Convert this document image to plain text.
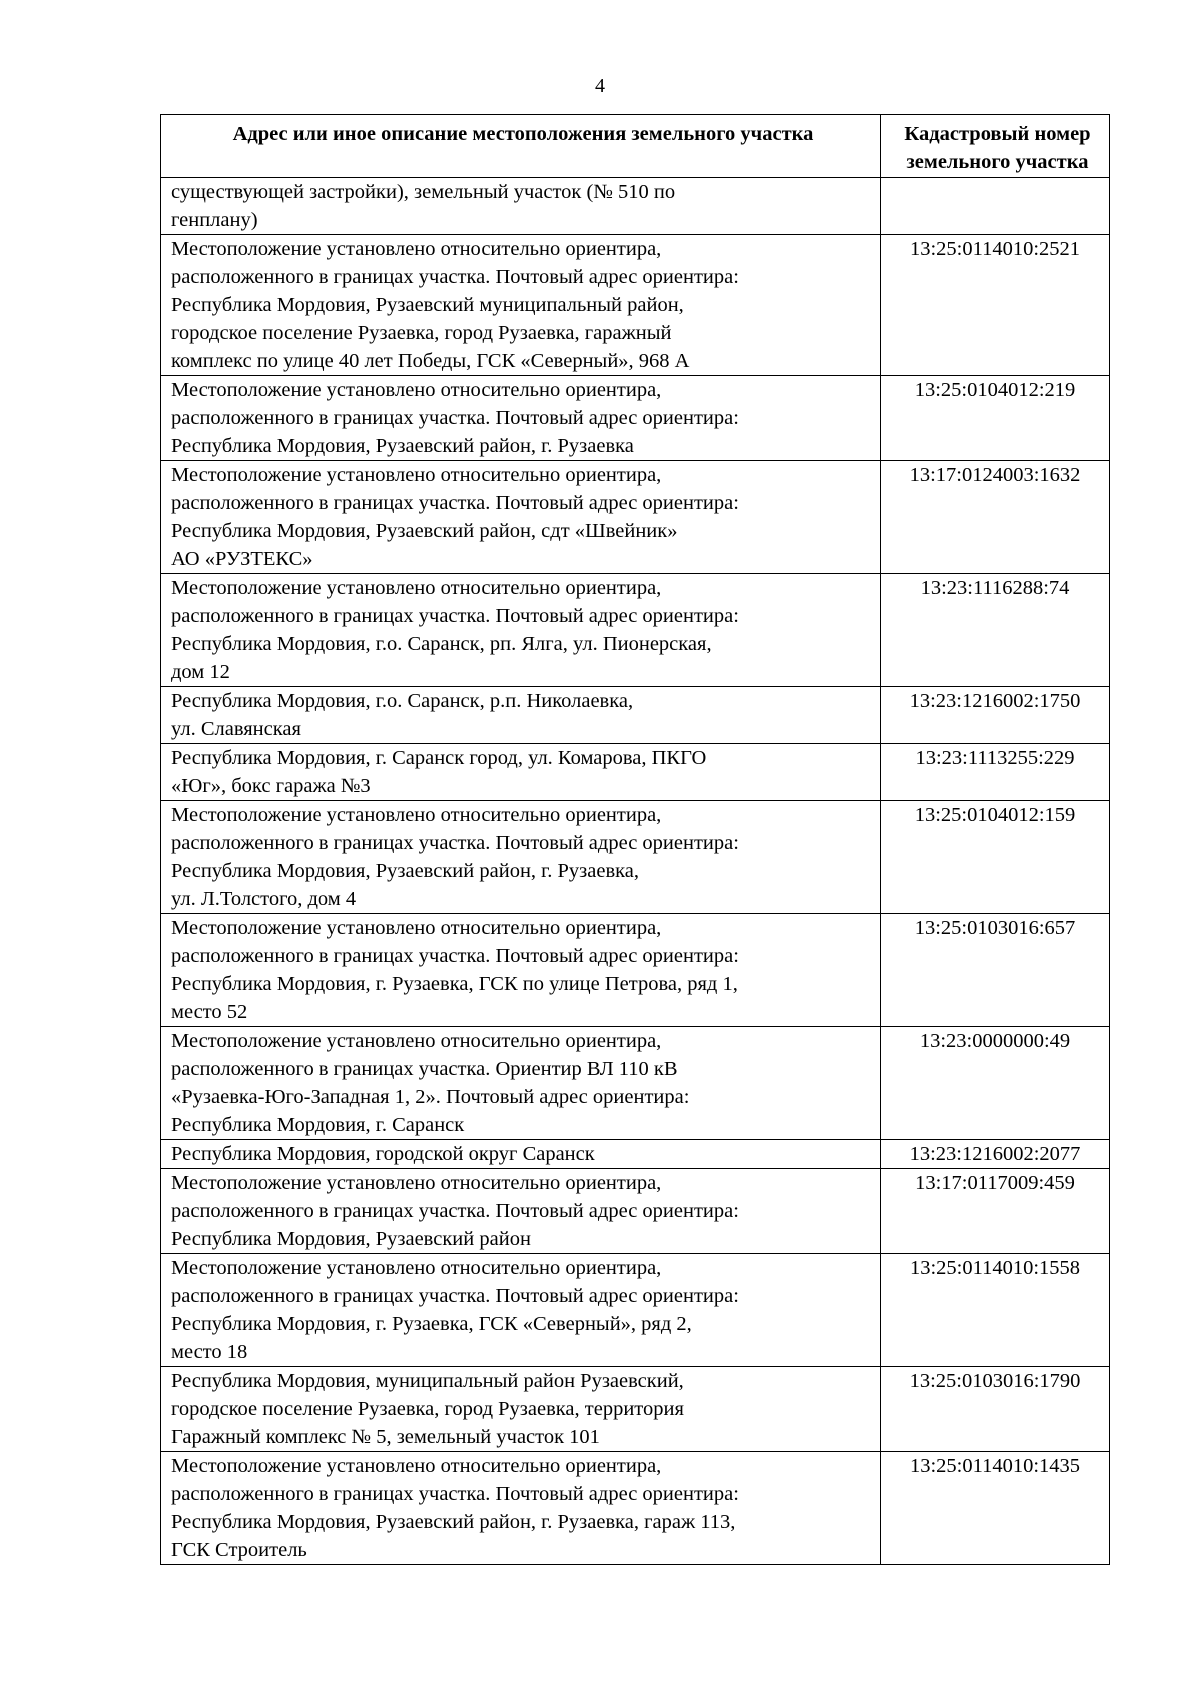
4
Адрес или иное описание местоположения земельного участка	Кадастровый номер земельного участка
существующей застройки), земельный участок (№ 510 по
генплану)	
Местоположение установлено относительно ориентира,
расположенного в границах участка. Почтовый адрес ориентира:
Республика Мордовия, Рузаевский муниципальный район,
городское поселение Рузаевка, город Рузаевка, гаражный
комплекс по улице 40 лет Победы, ГСК «Северный», 968 А	13:25:0114010:2521
Местоположение установлено относительно ориентира,
расположенного в границах участка. Почтовый адрес ориентира:
Республика Мордовия, Рузаевский район, г. Рузаевка	13:25:0104012:219
Местоположение установлено относительно ориентира,
расположенного в границах участка. Почтовый адрес ориентира:
Республика Мордовия, Рузаевский район, сдт «Швейник»
АО «РУЗТЕКС»	13:17:0124003:1632
Местоположение установлено относительно ориентира,
расположенного в границах участка. Почтовый адрес ориентира:
Республика Мордовия, г.о. Саранск, рп. Ялга, ул. Пионерская,
дом 12	13:23:1116288:74
Республика Мордовия, г.о. Саранск, р.п. Николаевка,
ул. Славянская	13:23:1216002:1750
Республика Мордовия, г. Саранск город, ул. Комарова, ПКГО
«Юг», бокс гаража №3	13:23:1113255:229
Местоположение установлено относительно ориентира,
расположенного в границах участка. Почтовый адрес ориентира:
Республика Мордовия, Рузаевский район, г. Рузаевка,
ул. Л.Толстого, дом 4	13:25:0104012:159
Местоположение установлено относительно ориентира,
расположенного в границах участка. Почтовый адрес ориентира:
Республика Мордовия, г. Рузаевка, ГСК по улице Петрова, ряд 1,
место 52	13:25:0103016:657
Местоположение установлено относительно ориентира,
расположенного в границах участка. Ориентир ВЛ 110 кВ
«Рузаевка-Юго-Западная 1, 2». Почтовый адрес ориентира:
Республика Мордовия, г. Саранск	13:23:0000000:49
Республика Мордовия, городской округ Саранск	13:23:1216002:2077
Местоположение установлено относительно ориентира,
расположенного в границах участка. Почтовый адрес ориентира:
Республика Мордовия, Рузаевский район	13:17:0117009:459
Местоположение установлено относительно ориентира,
расположенного в границах участка. Почтовый адрес ориентира:
Республика Мордовия, г. Рузаевка, ГСК «Северный», ряд 2,
место 18	13:25:0114010:1558
Республика Мордовия, муниципальный район Рузаевский,
городское поселение Рузаевка, город Рузаевка, территория
Гаражный комплекс № 5, земельный участок 101	13:25:0103016:1790
Местоположение установлено относительно ориентира,
расположенного в границах участка. Почтовый адрес ориентира:
Республика Мордовия, Рузаевский район, г. Рузаевка, гараж 113,
ГСК Строитель	13:25:0114010:1435
